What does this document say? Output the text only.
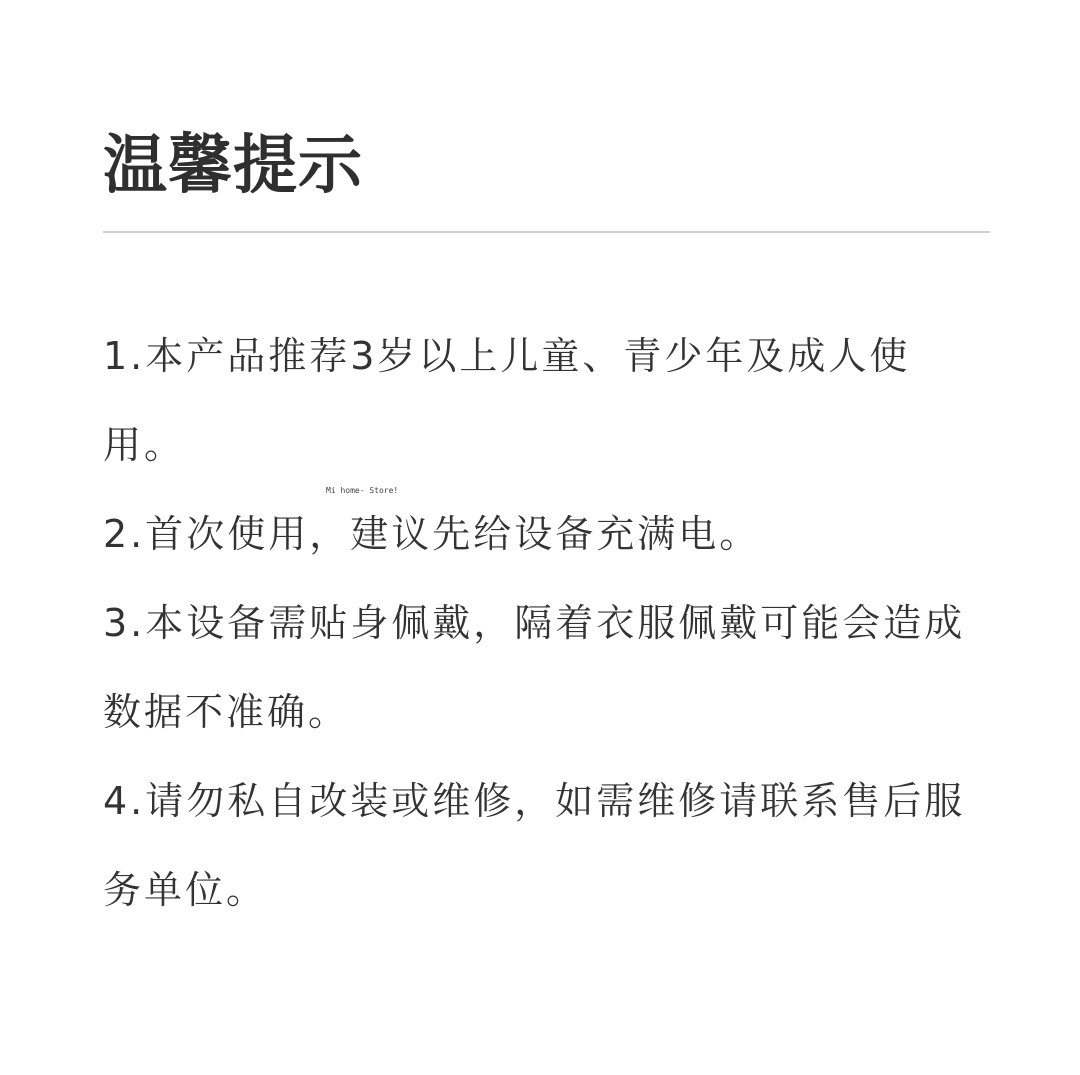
温馨提示
1.本产品推荐3岁以上儿童、青少年及成人使用。
2.首次使用，建议先给设备充满电。
3.本设备需贴身佩戴，隔着衣服佩戴可能会造成数据不准确。
4.请勿私自改装或维修，如需维修请联系售后服务单位。
Mi home- Store!
